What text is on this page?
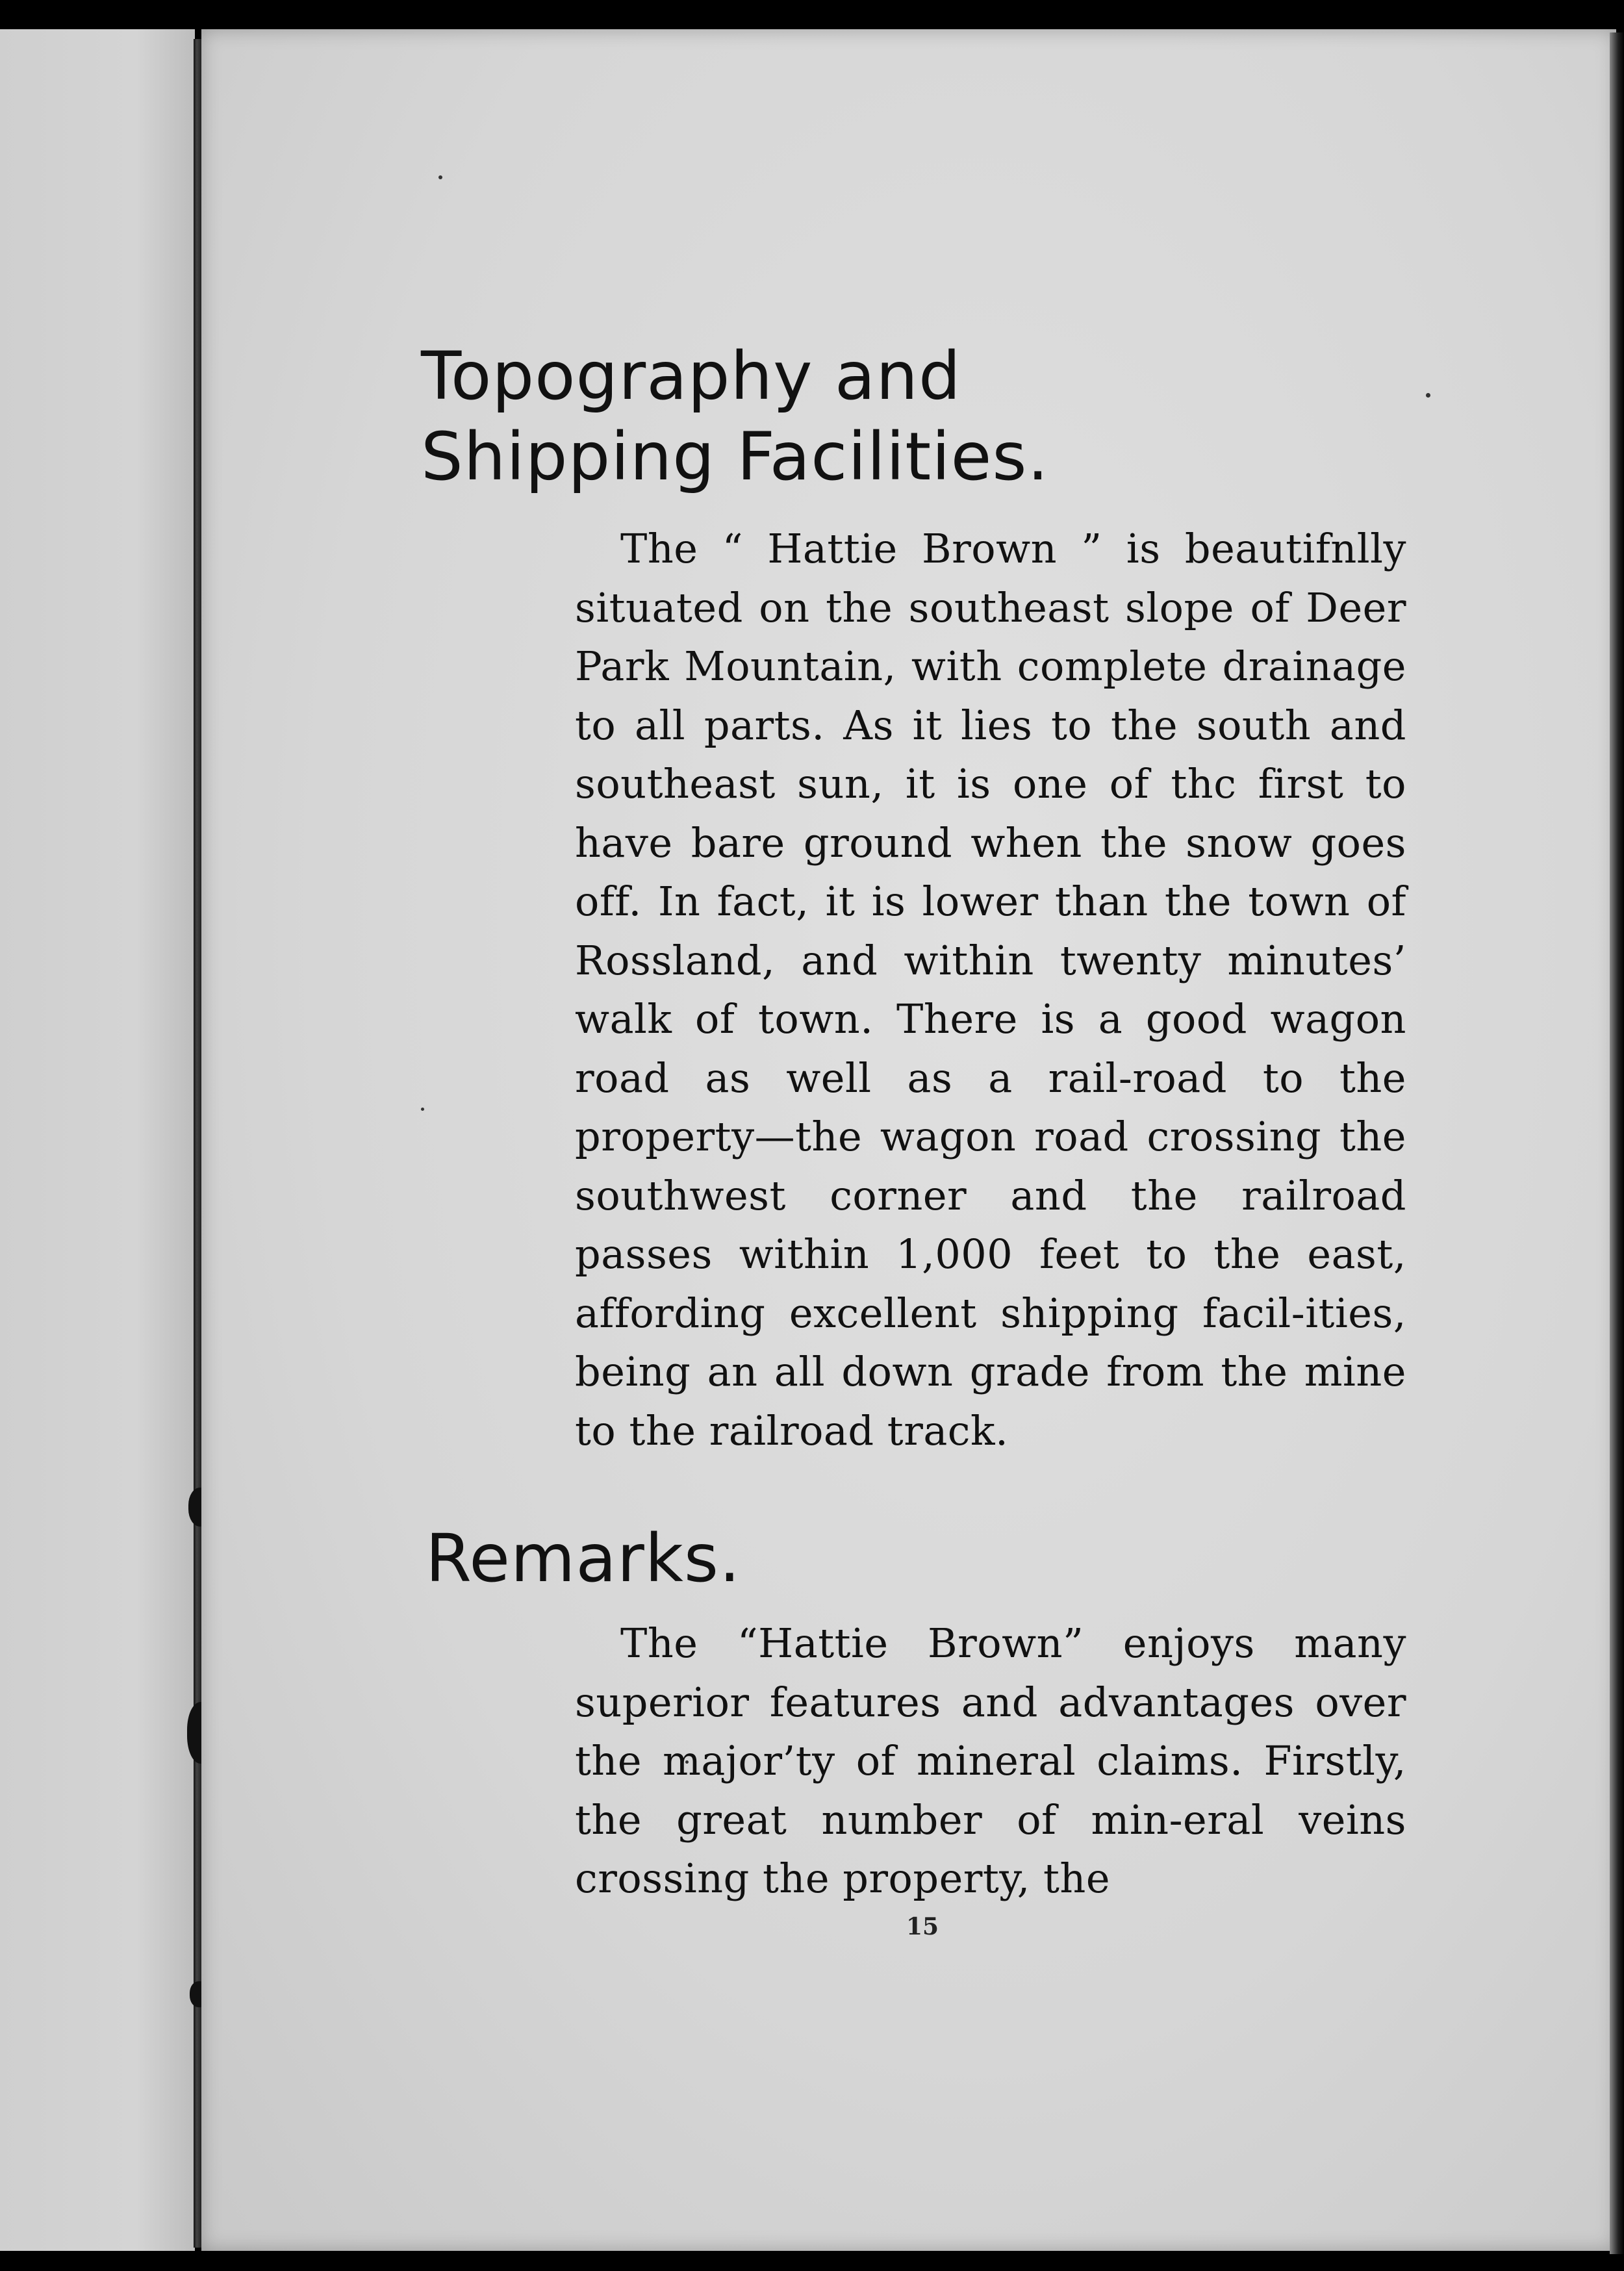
Topography and
Shipping Facilities.

The “ Hattie Brown ” is beautifnlly situated on the southeast slope of Deer Park Mountain, with complete drainage to all parts. As it lies to the south and southeast sun, it is one of thc first to have bare ground when the snow goes off. In fact, it is lower than the town of Rossland, and within twenty minutes’ walk of town. There is a good wagon road as well as a rail-road to the property—the wagon road crossing the southwest corner and the railroad passes within 1,000 feet to the east, affording excellent shipping facil-ities, being an all down grade from the mine to the railroad track.

Remarks.

The “Hattie Brown” enjoys many superior features and advantages over the major’ty of mineral claims. Firstly, the great number of min-eral veins crossing the property, the

15
